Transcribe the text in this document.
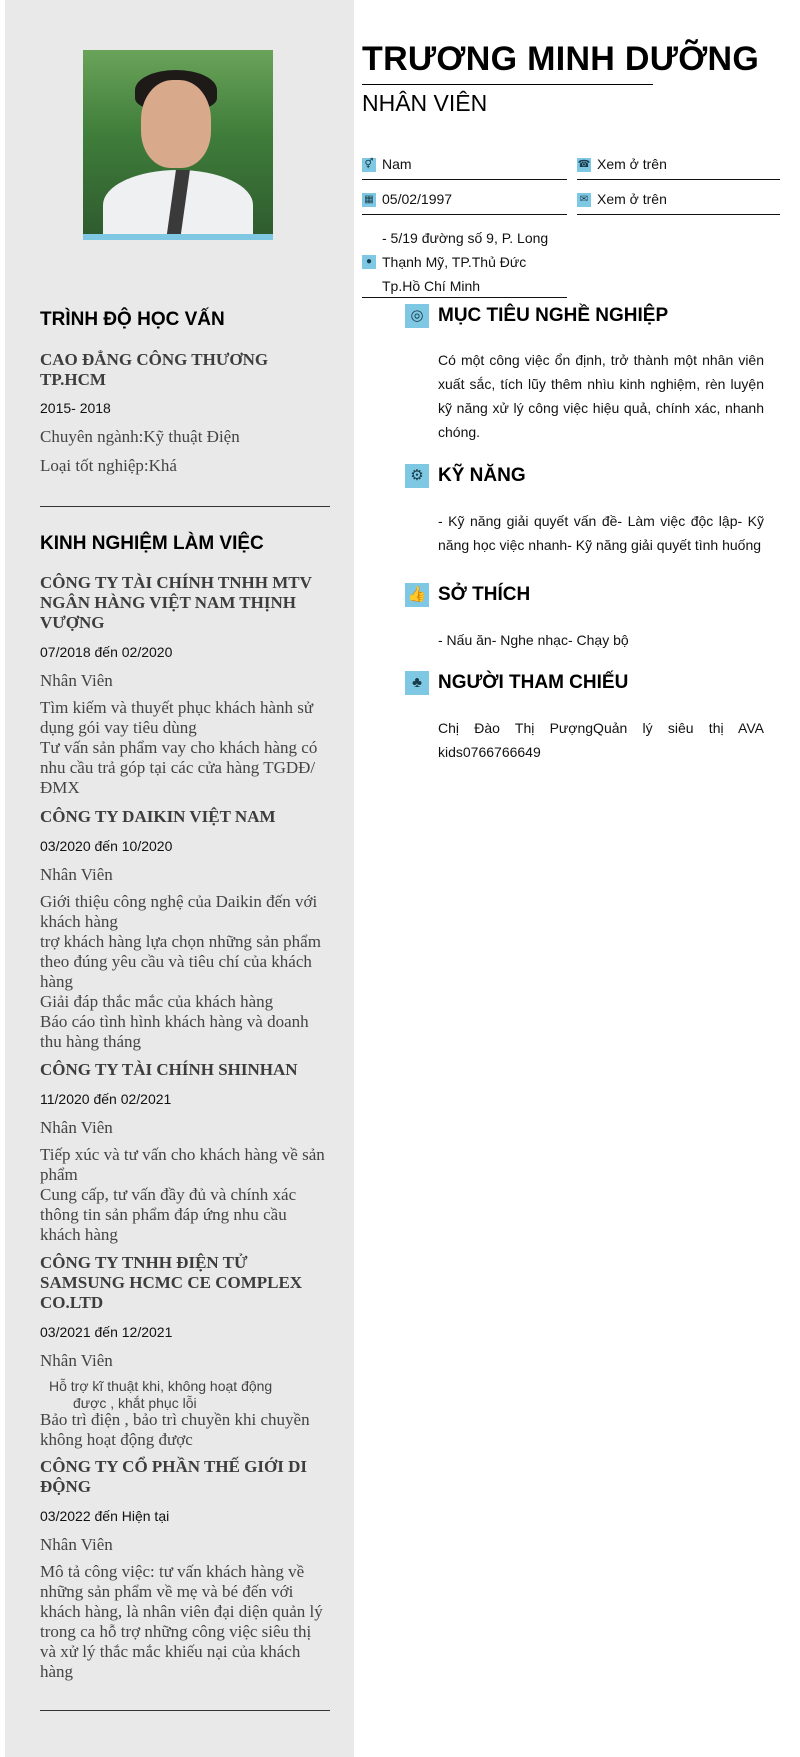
TRƯƠNG MINH DƯỠNG
NHÂN VIÊN
⚥ Nam	☎ Xem ở trên
▦ 05/02/1997	✉ Xem ở trên
●
- 5/19 đường số 9, P. Long
Thạnh Mỹ, TP.Thủ Đức
Tp.Hồ Chí Minh
TRÌNH ĐỘ HỌC VẤN
CAO ĐẲNG CÔNG THƯƠNG TP.HCM
2015- 2018
Chuyên ngành:Kỹ thuật Điện
Loại tốt nghiệp:Khá
KINH NGHIỆM LÀM VIỆC
CÔNG TY TÀI CHÍNH TNHH MTV NGÂN HÀNG VIỆT NAM THỊNH VƯỢNG
07/2018 đến 02/2020
Nhân Viên
Tìm kiếm và thuyết phục khách hành sử dụng gói vay tiêu dùng
Tư vấn sản phẩm vay cho khách hàng có nhu cầu trả góp tại các cửa hàng TGDĐ/ ĐMX
CÔNG TY DAIKIN VIỆT NAM
03/2020 đến 10/2020
Nhân Viên
Giới thiệu công nghệ của Daikin đến với khách hàng
trợ khách hàng lựa chọn những sản phẩm theo đúng yêu cầu và tiêu chí của khách hàng
Giải đáp thắc mắc của khách hàng
Báo cáo tình hình khách hàng và doanh thu hàng tháng
CÔNG TY TÀI CHÍNH SHINHAN
11/2020 đến 02/2021
Nhân Viên
Tiếp xúc và tư vấn cho khách hàng về sản phẩm
Cung cấp, tư vấn đầy đủ và chính xác thông tin sản phẩm đáp ứng nhu cầu khách hàng
CÔNG TY TNHH ĐIỆN TỬ SAMSUNG HCMC CE COMPLEX CO.LTD
03/2021 đến 12/2021
Nhân Viên
Hỗ trợ kĩ thuật khi, không hoạt động
được , khắt phục lỗi
Bảo trì điện , bảo trì chuyền khi chuyền không hoạt động được
CÔNG TY CỔ PHẦN THẾ GIỚI DI ĐỘNG
03/2022 đến Hiện tại
Nhân Viên
Mô tả công việc: tư vấn khách hàng về những sản phẩm về mẹ và bé đến với khách hàng, là nhân viên đại diện quản lý trong ca hỗ trợ những công việc siêu thị và xử lý thắc mắc khiếu nại của khách hàng
◎ MỤC TIÊU NGHỀ NGHIỆP
Có một công việc ổn định, trở thành một nhân viên xuất sắc, tích lũy thêm nhìu kinh nghiệm, rèn luyện kỹ năng xử lý công việc hiệu quả, chính xác, nhanh chóng.
⚙ KỸ NĂNG
- Kỹ năng giải quyết vấn đề- Làm việc độc lập- Kỹ năng học việc nhanh- Kỹ năng giải quyết tình huống
👍 SỞ THÍCH
- Nấu ăn- Nghe nhạc- Chạy bộ
♣ NGƯỜI THAM CHIẾU
Chị Đào Thị PượngQuản lý siêu thị AVA kids0766766649
